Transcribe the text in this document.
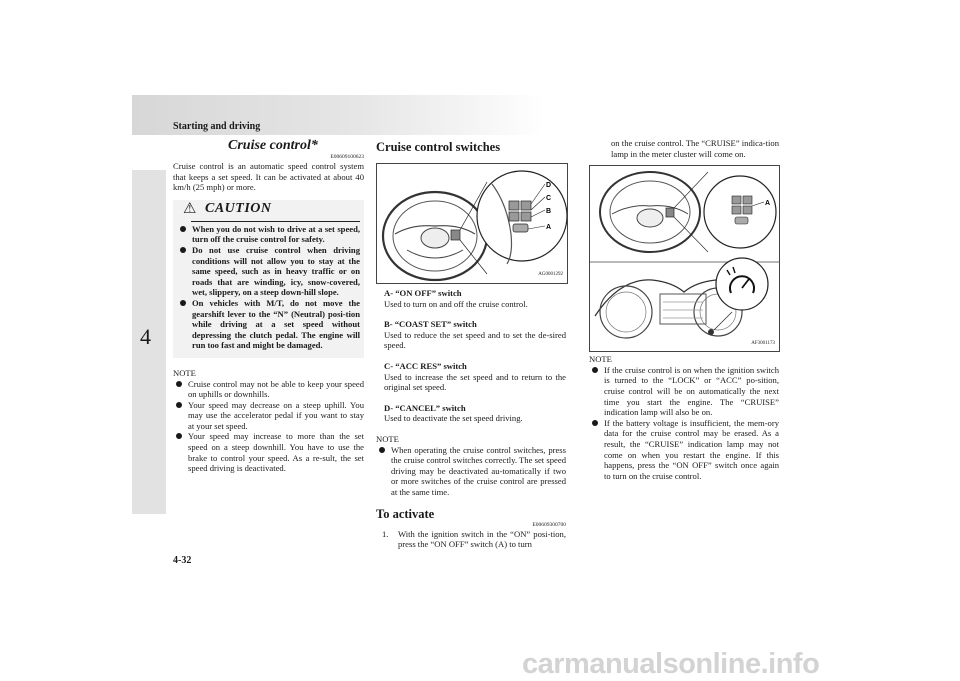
Starting and driving
4
Cruise control*
E00609100623

Cruise control is an automatic speed control system that keeps a set speed. It can be activated at about 40 km/h (25 mph) or more.

⚠ CAUTION
When you do not wish to drive at a set speed, turn off the cruise control for safety.
Do not use cruise control when driving conditions will not allow you to stay at the same speed, such as in heavy traffic or on roads that are winding, icy, snow-covered, wet, slippery, on a steep down-hill slope.
On vehicles with M/T, do not move the gearshift lever to the “N” (Neutral) posi-tion while driving at a set speed without depressing the clutch pedal. The engine will run too fast and might be damaged.
NOTE
Cruise control may not be able to keep your speed on uphills or downhills.
Your speed may decrease on a steep uphill. You may use the accelerator pedal if you want to stay at your set speed.
Your speed may increase to more than the set speed on a steep downhill. You have to use the brake to control your speed. As a re-sult, the set speed driving is deactivated.
Cruise control switches
D
C
B
A
AG0001292
A- “ON OFF” switch
Used to turn on and off the cruise control.
B- “COAST SET” switch
Used to reduce the set speed and to set the de-sired speed.
C- “ACC RES” switch
Used to increase the set speed and to return to the original set speed.
D- “CANCEL” switch
Used to deactivate the set speed driving.
NOTE
When operating the cruise control switches, press the cruise control switches correctly. The set speed driving may be deactivated au-tomatically if two or more switches of the cruise control are pressed at the same time.
To activate
E00609300700
1. With the ignition switch in the “ON” posi-tion, press the “ON OFF” switch (A) to turn

on the cruise control. The “CRUISE” indica-tion lamp in the meter cluster will come on.

A
AF3001173
NOTE
If the cruise control is on when the ignition switch is turned to the “LOCK” or “ACC” po-sition, cruise control will be on automatically the next time you start the engine. The “CRUISE” indication lamp will also be on.
If the battery voltage is insufficient, the mem-ory data for the cruise control may be erased. As a result, the “CRUISE” indication lamp may not come on when you restart the engine. If this happens, press the “ON OFF” switch once again to turn on the cruise control.
4-32
carmanualsonline.info
